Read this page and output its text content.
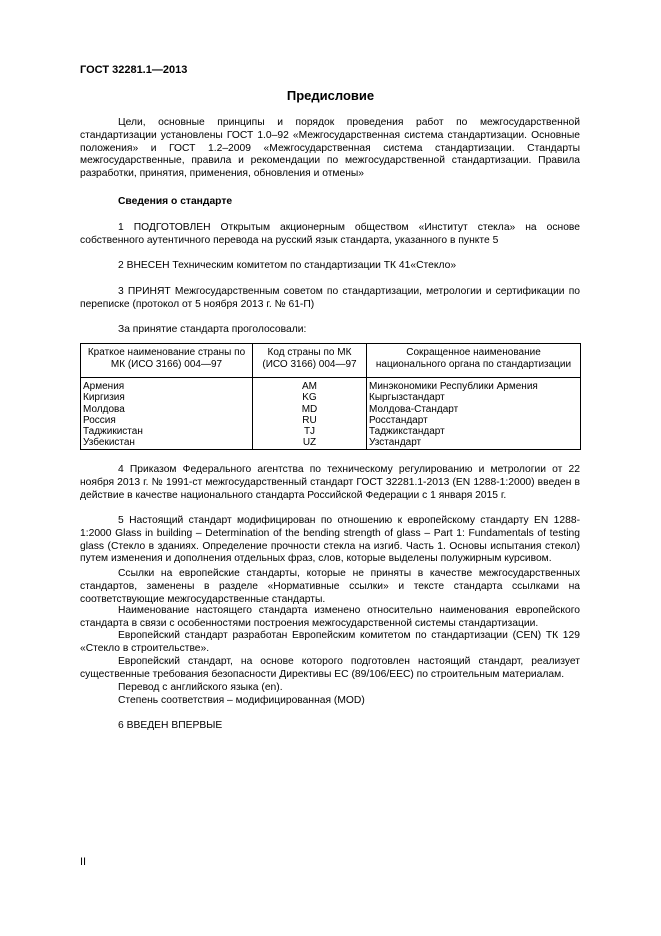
ГОСТ 32281.1—2013
Предисловие
Цели, основные принципы и порядок проведения работ по межгосударственной стандартизации установлены ГОСТ 1.0–92 «Межгосударственная система стандартизации. Основные положения» и ГОСТ 1.2–2009 «Межгосударственная система стандартизации. Стандарты межгосударственные, правила и рекомендации по межгосударственной стандартизации. Правила разработки, принятия, применения, обновления и отмены»
Сведения о стандарте
1 ПОДГОТОВЛЕН Открытым акционерным обществом «Институт стекла» на основе собственного аутентичного перевода на русский язык стандарта, указанного в пункте 5
2 ВНЕСЕН Техническим комитетом по стандартизации ТК 41«Стекло»
3 ПРИНЯТ Межгосударственным советом по стандартизации, метрологии и сертификации по переписке (протокол от 5 ноября 2013 г. № 61-П)
За принятие стандарта проголосовали:
Краткое наименование страны по МК (ИСО 3166) 004—97	Код страны по МК (ИСО 3166) 004—97	Сокращенное наименование национального органа по стандартизации
Армения	AM	Минэкономики Республики Армения
Киргизия	KG	Кыргызстандарт
Молдова	MD	Молдова-Стандарт
Россия	RU	Росстандарт
Таджикистан	TJ	Таджикстандарт
Узбекистан	UZ	Узстандарт
4 Приказом Федерального агентства по техническому регулированию и метрологии от 22 ноября 2013 г. № 1991-ст межгосударственный стандарт ГОСТ 32281.1-2013 (EN 1288-1:2000) введен в действие в качестве национального стандарта Российской Федерации с 1 января 2015 г.
5 Настоящий стандарт модифицирован по отношению к европейскому стандарту EN 1288-1:2000 Glass in building – Determination of the bending strength of glass – Part 1: Fundamentals of testing glass (Стекло в зданиях. Определение прочности стекла на изгиб. Часть 1. Основы испытания стекол) путем изменения и дополнения отдельных фраз, слов, которые выделены полужирным курсивом.
Ссылки на европейские стандарты, которые не приняты в качестве межгосударственных стандартов, заменены в разделе «Нормативные ссылки» и тексте стандарта ссылками на соответствующие межгосударственные стандарты.
Наименование настоящего стандарта изменено относительно наименования европейского стандарта в связи с особенностями построения межгосударственной системы стандартизации.
Европейский стандарт разработан Европейским комитетом по стандартизации (CEN) ТК 129 «Стекло в строительстве».
Европейский стандарт, на основе которого подготовлен настоящий стандарт, реализует существенные требования безопасности Директивы ЕС (89/106/ЕЕС) по строительным материалам.
Перевод с английского языка (en).
Степень соответствия – модифицированная (MOD)
6 ВВЕДЕН ВПЕРВЫЕ
II
